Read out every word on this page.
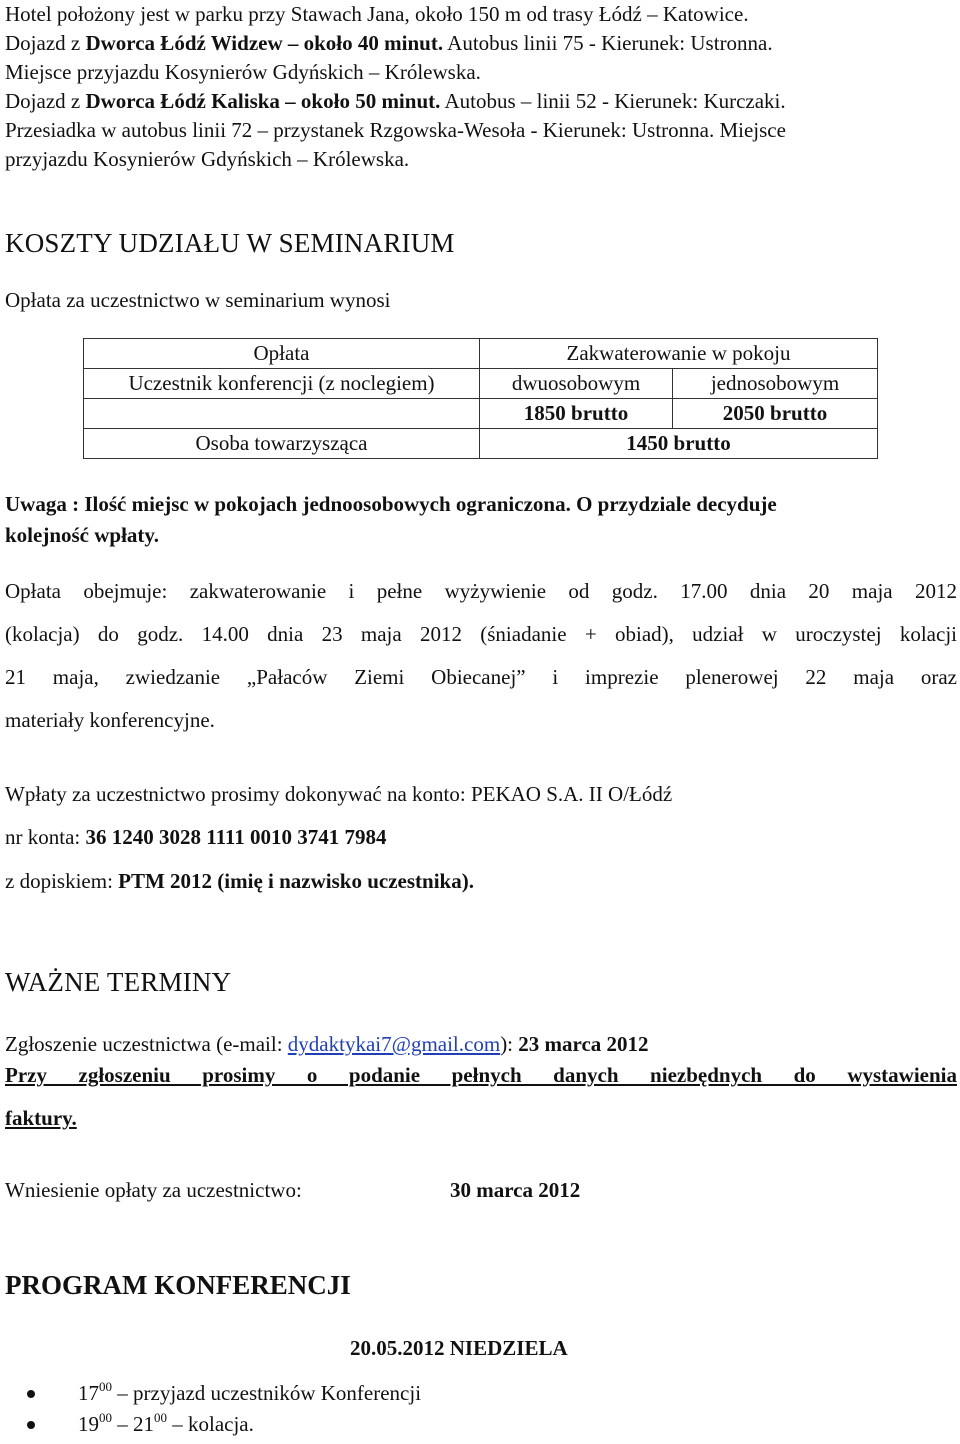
Hotel położony jest w parku przy Stawach Jana, około 150 m od trasy Łódź – Katowice.
Dojazd z Dworca Łódź Widzew – około 40 minut. Autobus linii 75 - Kierunek: Ustronna.
Miejsce przyjazdu Kosynierów Gdyńskich – Królewska.
Dojazd z Dworca Łódź Kaliska – około 50 minut. Autobus – linii 52 - Kierunek: Kurczaki.
Przesiadka w autobus linii 72 – przystanek Rzgowska-Wesoła - Kierunek: Ustronna. Miejsce
przyjazdu Kosynierów Gdyńskich – Królewska.
KOSZTY UDZIAŁU W SEMINARIUM
Opłata za uczestnictwo w seminarium wynosi
Opłata	Zakwaterowanie w pokoju	
Uczestnik konferencji (z noclegiem)	dwuosobowym	jednosobowym
	1850 brutto	2050 brutto
Osoba towarzysząca	1450 brutto	
Uwaga : Ilość miejsc w pokojach jednoosobowych ograniczona. O przydziale decyduje
kolejność wpłaty.
Opłata obejmuje: zakwaterowanie i pełne wyżywienie od godz. 17.00 dnia 20 maja 2012
(kolacja) do godz. 14.00 dnia 23 maja 2012 (śniadanie + obiad), udział w uroczystej kolacji
21 maja, zwiedzanie „Pałaców Ziemi Obiecanej” i imprezie plenerowej 22 maja oraz
materiały konferencyjne.
Wpłaty za uczestnictwo prosimy dokonywać na konto: PEKAO S.A. II O/Łódź
nr konta: 36 1240 3028 1111 0010 3741 7984
z dopiskiem: PTM 2012 (imię i nazwisko uczestnika).
WAŻNE TERMINY
Zgłoszenie uczestnictwa (e-mail: dydaktykai7@gmail.com): 23 marca 2012
Przy zgłoszeniu prosimy o podanie pełnych danych niezbędnych do wystawienia
faktury.
Wniesienie opłaty za uczestnictwo:	30 marca 2012
PROGRAM KONFERENCJI
20.05.2012 NIEDZIELA
$17^{00}$ – przyjazd uczestników Konferencji
$19^{00} - 21^{00}$ – kolacja.
